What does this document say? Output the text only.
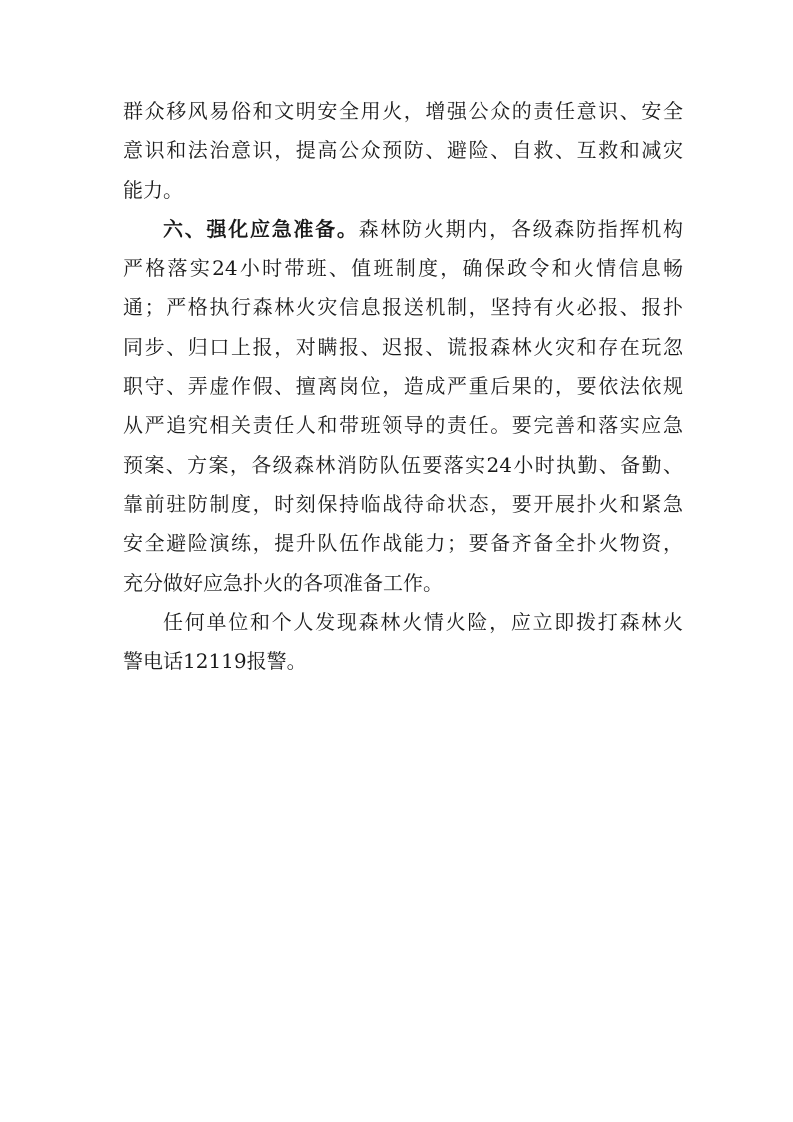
群众移风易俗和文明安全用火，增强公众的责任意识、安全
意识和法治意识，提高公众预防、避险、自救、互救和减灾
能力。
六、强化应急准备。森林防火期内，各级森防指挥机构
严格落实24小时带班、值班制度，确保政令和火情信息畅
通；严格执行森林火灾信息报送机制，坚持有火必报、报扑
同步、归口上报，对瞒报、迟报、谎报森林火灾和存在玩忽
职守、弄虚作假、擅离岗位，造成严重后果的，要依法依规
从严追究相关责任人和带班领导的责任。要完善和落实应急
预案、方案，各级森林消防队伍要落实24小时执勤、备勤、
靠前驻防制度，时刻保持临战待命状态，要开展扑火和紧急
安全避险演练，提升队伍作战能力；要备齐备全扑火物资，
充分做好应急扑火的各项准备工作。
任何单位和个人发现森林火情火险，应立即拨打森林火
警电话12119报警。
